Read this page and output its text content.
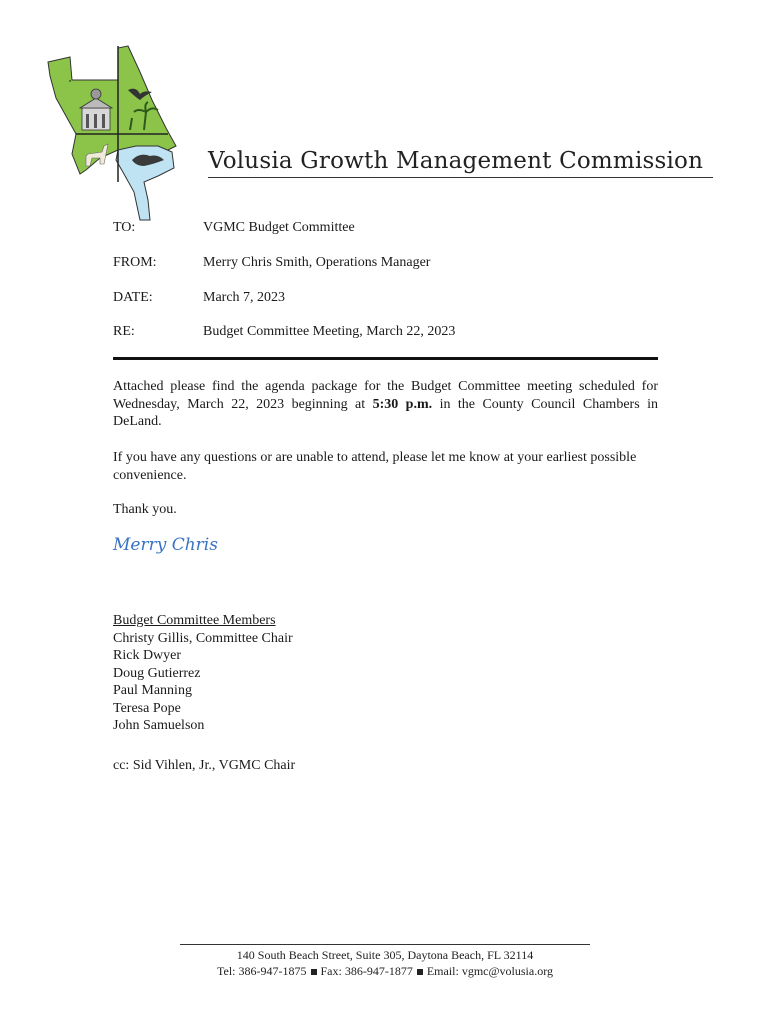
Volusia Growth Management Commission
TO:	VGMC Budget Committee
FROM:	Merry Chris Smith, Operations Manager
DATE:	March 7, 2023
RE:	Budget Committee Meeting, March 22, 2023
Attached please find the agenda package for the Budget Committee meeting scheduled for Wednesday, March 22, 2023 beginning at 5:30 p.m. in the County Council Chambers in DeLand.
If you have any questions or are unable to attend, please let me know at your earliest possible convenience.
Thank you.
Merry Chris
Budget Committee Members
Christy Gillis, Committee Chair
Rick Dwyer
Doug Gutierrez
Paul Manning
Teresa Pope
John Samuelson
cc: Sid Vihlen, Jr., VGMC Chair
140 South Beach Street, Suite 305, Daytona Beach, FL 32114
Tel: 386-947-1875 Fax: 386-947-1877 Email: vgmc@volusia.org
